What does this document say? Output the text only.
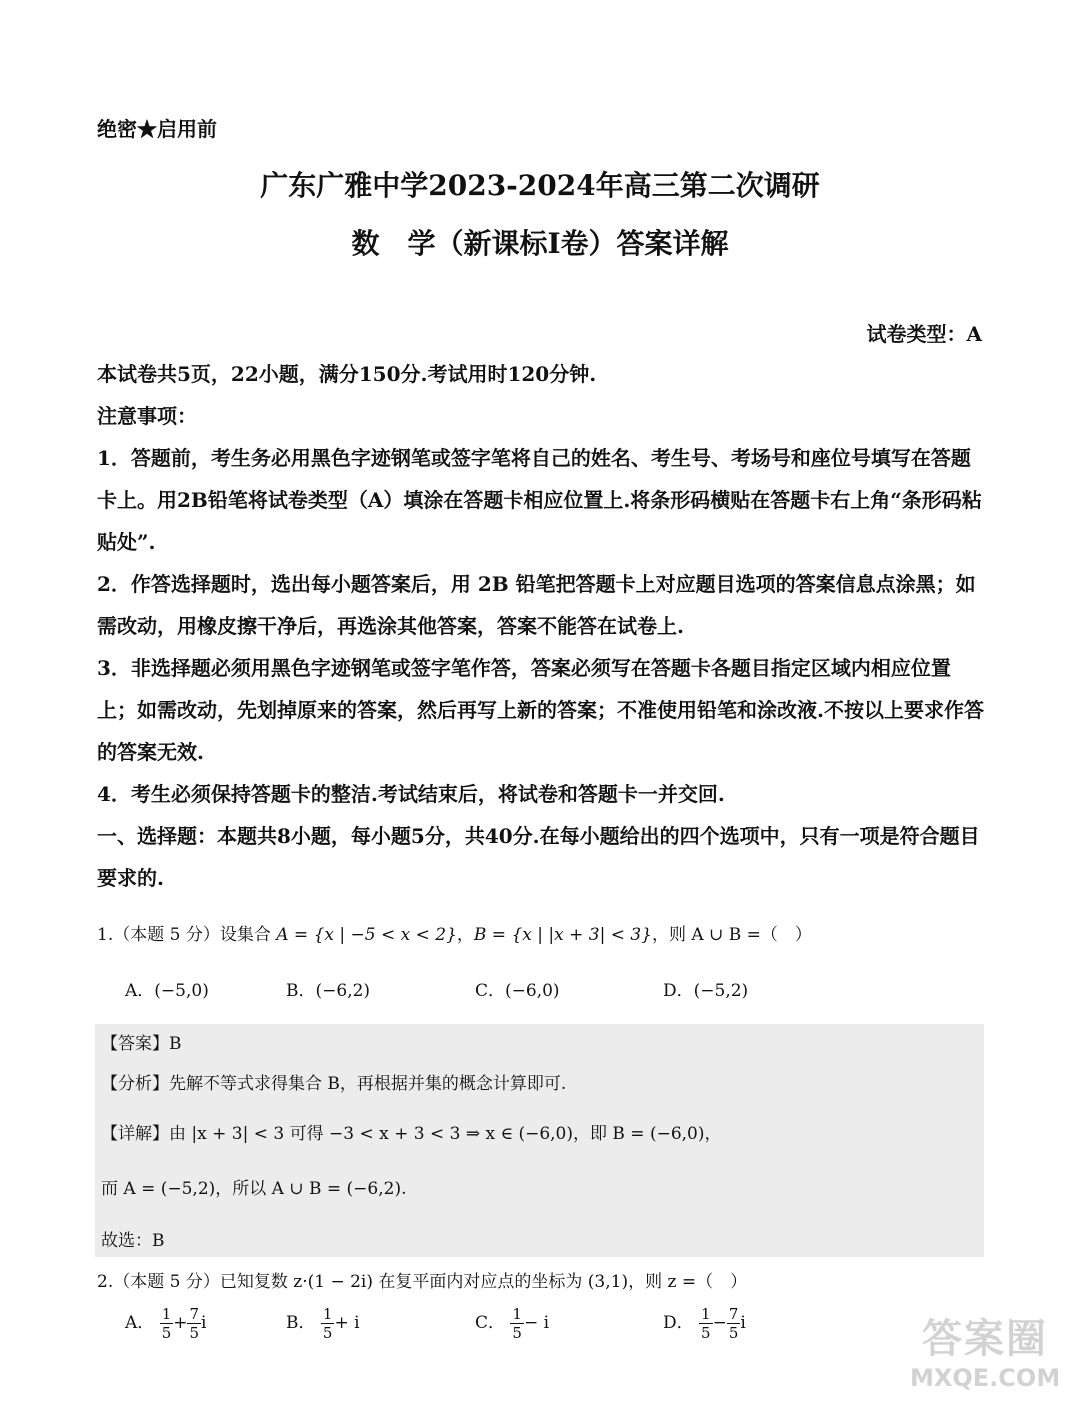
绝密★启用前
广东广雅中学2023-2024年高三第二次调研
数　学（新课标I卷）答案详解
试卷类型：A
本试卷共5页，22小题，满分150分.考试用时120分钟.
注意事项：
1．答题前，考生务必用黑色字迹钢笔或签字笔将自己的姓名、考生号、考场号和座位号填写在答题卡上。用2B铅笔将试卷类型（A）填涂在答题卡相应位置上.将条形码横贴在答题卡右上角“条形码粘贴处”.
2．作答选择题时，选出每小题答案后，用 2B 铅笔把答题卡上对应题目选项的答案信息点涂黑；如需改动，用橡皮擦干净后，再选涂其他答案，答案不能答在试卷上.
3．非选择题必须用黑色字迹钢笔或签字笔作答，答案必须写在答题卡各题目指定区域内相应位置上；如需改动，先划掉原来的答案，然后再写上新的答案；不准使用铅笔和涂改液.不按以上要求作答的答案无效.
4．考生必须保持答题卡的整洁.考试结束后，将试卷和答题卡一并交回.
一、选择题：本题共8小题，每小题5分，共40分.在每小题给出的四个选项中，只有一项是符合题目要求的.
1.（本题 5 分）设集合 A = {x | −5 < x < 2}，B = {x | |x + 3| < 3}，则 A ∪ B =（　）
A．(−5,0)	B．(−6,2)	C．(−6,0)	D．(−5,2)
【答案】B
【分析】先解不等式求得集合 B，再根据并集的概念计算即可.
【详解】由 |x + 3| < 3 可得 −3 < x + 3 < 3 ⇒ x ∈ (−6,0)，即 B = (−6,0)，
而 A = (−5,2)，所以 A ∪ B = (−6,2).
故选：B
2.（本题 5 分）已知复数 z·(1 − 2i) 在复平面内对应点的坐标为 (3,1)，则 z =（　）
A． $\frac{1}{5} + \frac{7}{5}$ i	B． $\frac{1}{5} + i$	C． $\frac{1}{5} - i$	D． $\frac{1}{5} - \frac{7}{5}$ i	答案圈
MXQE.COM
